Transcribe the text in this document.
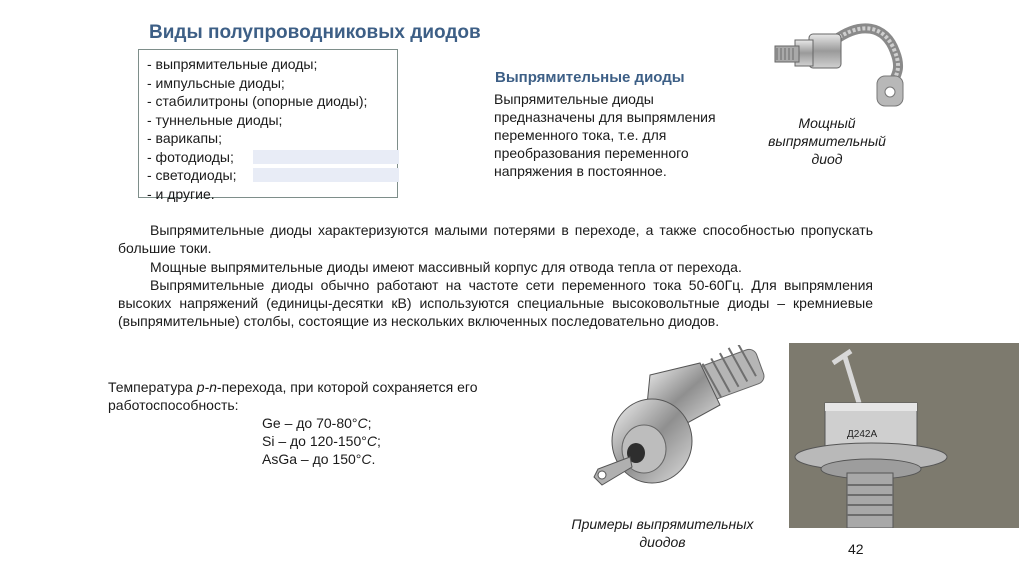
Виды полупроводниковых диодов
- выпрямительные диоды;
- импульсные диоды;
- стабилитроны (опорные диоды);
- туннельные диоды;
- варикапы;
- фотодиоды;
- светодиоды;
- и другие.
Выпрямительные диоды
Выпрямительные диоды предназначены для выпрямления переменного тока, т.е. для преобразования переменного напряжения в постоянное.
Мощный выпрямительный диод
Выпрямительные диоды характеризуются малыми потерями в переходе, а также способностью пропускать большие токи.
Мощные выпрямительные диоды имеют массивный корпус для отвода тепла от перехода.
Выпрямительные диоды обычно работают на частоте сети переменного тока 50-60Гц. Для выпрямления высоких напряжений (единицы-десятки кВ) используются специальные высоковольтные диоды – кремниевые (выпрямительные) столбы, состоящие из нескольких включенных последовательно диодов.
Температура p-n-перехода, при которой сохраняется его работоспособность:
Ge – до 70-80°C;
Si – до 120-150°C;
AsGa – до 150°C.
Д242А
Примеры выпрямительных диодов	42
